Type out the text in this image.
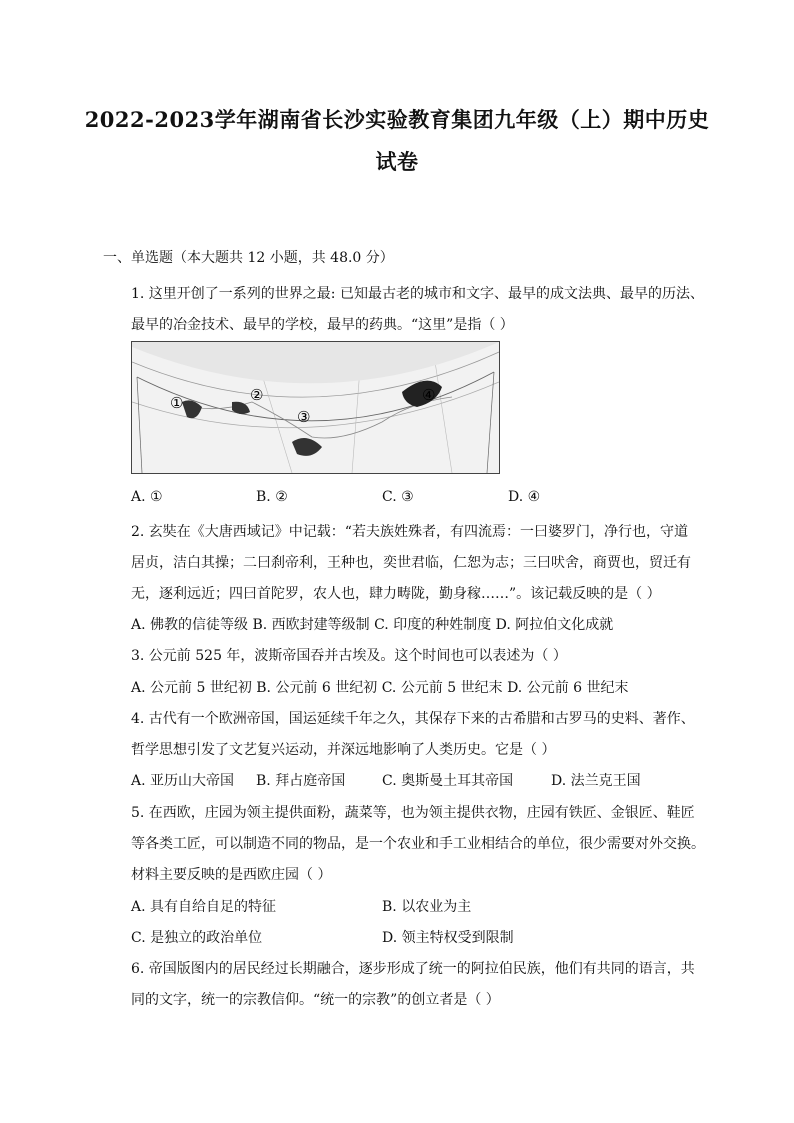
2022-2023学年湖南省长沙实验教育集团九年级（上）期中历史
试卷
一、单选题（本大题共 12 小题，共 48.0 分）
1. 这里开创了一系列的世界之最: 已知最古老的城市和文字、最早的成文法典、最早的历法、
最早的冶金技术、最早的学校，最早的药典。“这里”是指（ ）
①	②
③
④
A. ①	B. ②	C. ③	D. ④
2. 玄奘在《大唐西域记》中记载：“若夫族姓殊者，有四流焉：一曰婆罗门，净行也，守道
居贞，洁白其操；二曰刹帝利，王种也，奕世君临，仁恕为志；三曰吠舍，商贾也，贸迁有
无，逐利远近；四曰首陀罗，农人也，肆力畴陇，勤身稼……”。该记载反映的是（ ）
A. 佛教的信徒等级 B. 西欧封建等级制 C. 印度的种姓制度 D. 阿拉伯文化成就
3. 公元前 525 年，波斯帝国吞并古埃及。这个时间也可以表述为（ ）
A. 公元前 5 世纪初 B. 公元前 6 世纪初 C. 公元前 5 世纪末 D. 公元前 6 世纪末
4. 古代有一个欧洲帝国，国运延续千年之久，其保存下来的古希腊和古罗马的史料、著作、
哲学思想引发了文艺复兴运动，并深远地影响了人类历史。它是（ ）
A. 亚历山大帝国 B. 拜占庭帝国	C. 奥斯曼土耳其帝国	D. 法兰克王国
5. 在西欧，庄园为领主提供面粉，蔬菜等，也为领主提供衣物，庄园有铁匠、金银匠、鞋匠
等各类工匠，可以制造不同的物品，是一个农业和手工业相结合的单位，很少需要对外交换。
材料主要反映的是西欧庄园（ ）
A. 具有自给自足的特征	B. 以农业为主
C. 是独立的政治单位	D. 领主特权受到限制
6. 帝国版图内的居民经过长期融合，逐步形成了统一的阿拉伯民族，他们有共同的语言，共
同的文字，统一的宗教信仰。“统一的宗教”的创立者是（ ）
